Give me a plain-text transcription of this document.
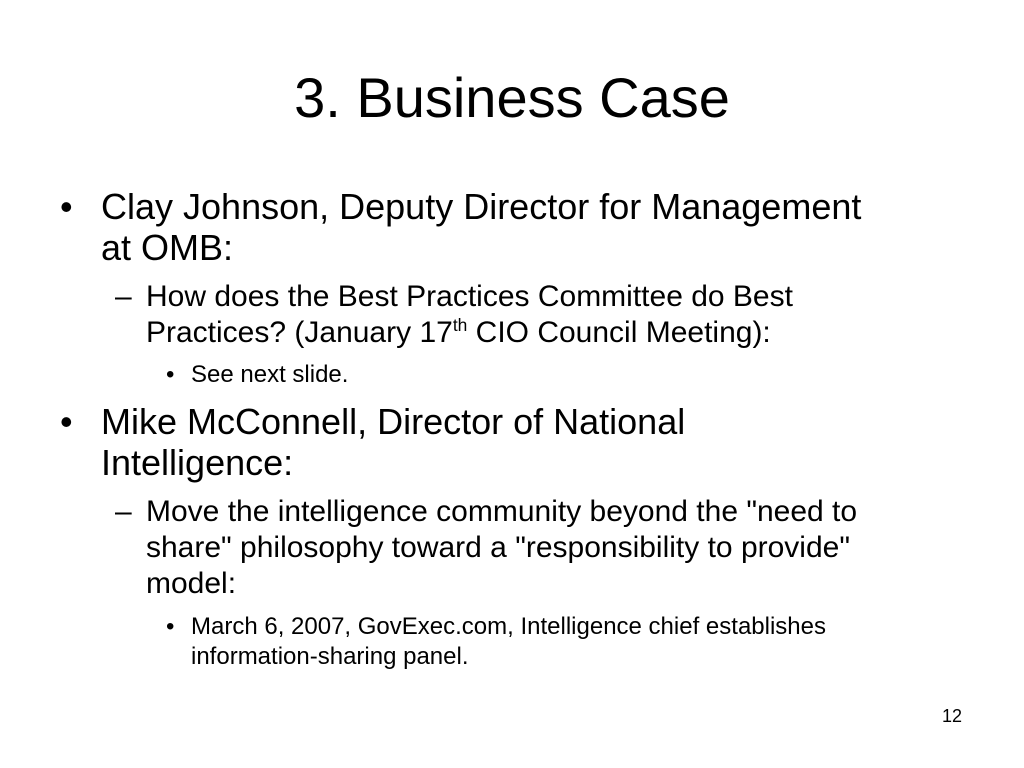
3. Business Case
• Clay Johnson, Deputy Director for Management
at OMB:
– How does the Best Practices Committee do Best
Practices? (January 17th CIO Council Meeting):
• See next slide.
• Mike McConnell, Director of National
Intelligence:
– Move the intelligence community beyond the "need to
share" philosophy toward a "responsibility to provide"
model:
• March 6, 2007, GovExec.com, Intelligence chief establishes
information-sharing panel.
12
